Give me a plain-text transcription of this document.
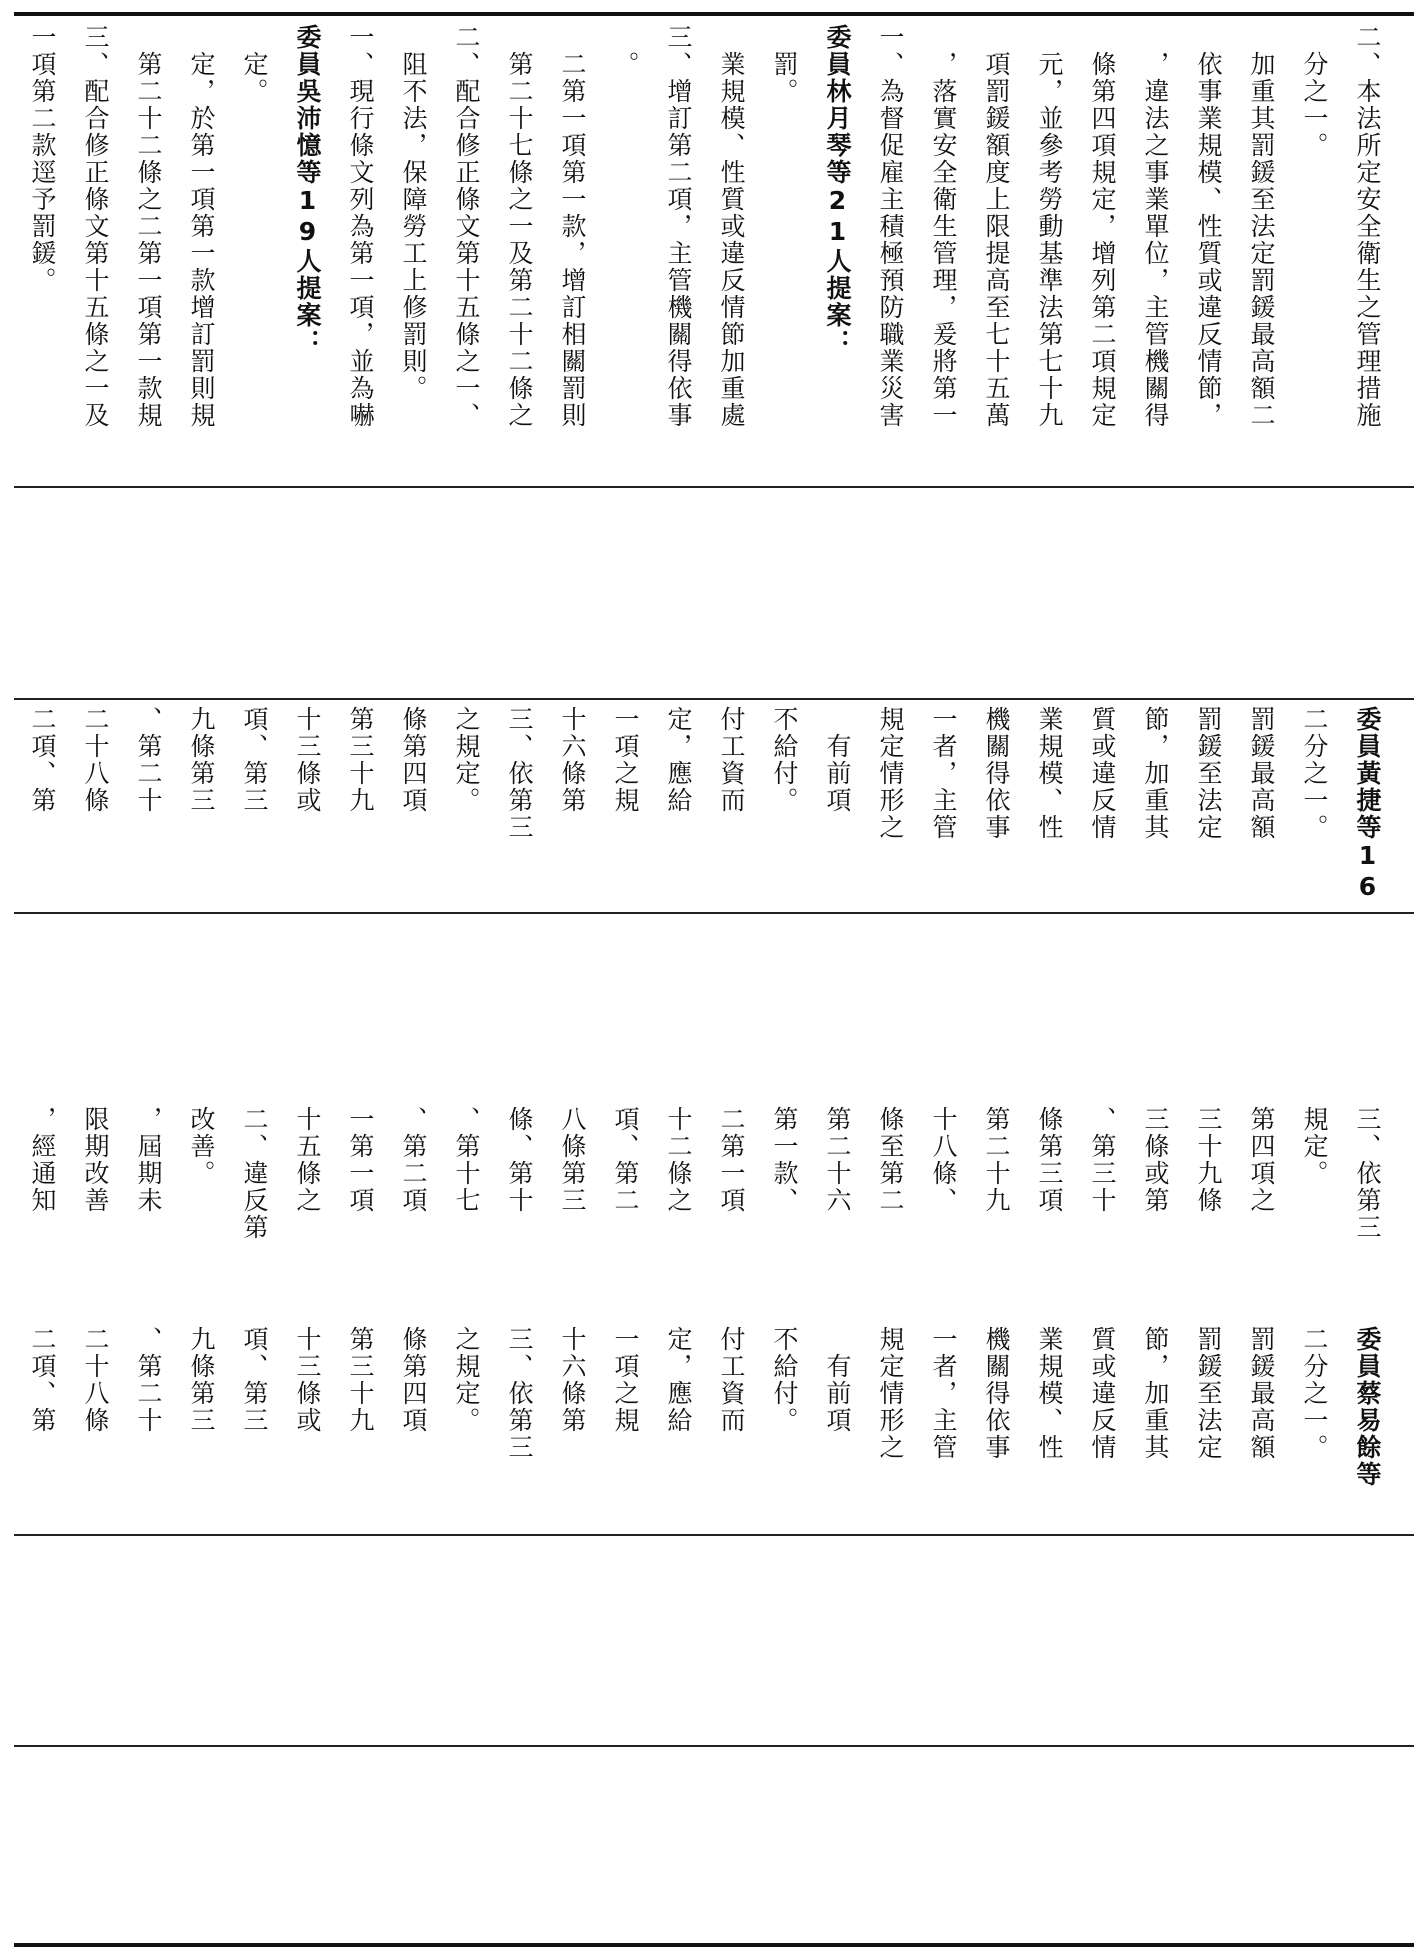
一項第二款逕予罰鍰。 三、配合修正條文第十五條之一及 　第二十二條之二第一項第一款規 　定，於第一項第一款增訂罰則規 　定。 委員吳沛憶等19人提案： 一、現行條文列為第一項，並為嚇 　阻不法，保障勞工上修罰則。 二、配合修正條文第十五條之一、 　第二十七條之一及第二十二條之 　二第一項第一款，增訂相關罰則 　。 三、增訂第二項，主管機關得依事 　業規模、性質或違反情節加重處 　罰。 委員林月琴等21人提案： 一、為督促雇主積極預防職業災害 　，落實安全衛生管理，爰將第一 　項罰鍰額度上限提高至七十五萬 　元，並參考勞動基準法第七十九 　條第四項規定，增列第二項規定 　，違法之事業單位，主管機關得 　依事業規模、性質或違反情節， 　加重其罰鍰至法定罰鍰最高額二 　分之一。 二、本法所定安全衛生之管理措施
二項、第 二十八條 、第二十 九條第三 項、第三 十三條或 第三十九 條第四項 之規定。 三、依第三 十六條第 一項之規 定，應給 付工資而 不給付。 　有前項 規定情形之 一者，主管 機關得依事 業規模、性 質或違反情 節，加重其 罰鍰至法定 罰鍰最高額 二分之一。 委員黃捷等16
，經通知 限期改善 ，屆期未 改善。 二、違反第 十五條之 一第一項 、第二項 、第十七 條、第十 八條第三 項、第二 十二條之 二第一項 第一款、 第二十六 條至第二 十八條、 第二十九 條第三項 、第三十 三條或第 三十九條 第四項之 規定。 三、依第三
二項、第 二十八條 、第二十 九條第三 項、第三 十三條或 第三十九 條第四項 之規定。 三、依第三 十六條第 一項之規 定，應給 付工資而 不給付。 　有前項 規定情形之 一者，主管 機關得依事 業規模、性 質或違反情 節，加重其 罰鍰至法定 罰鍰最高額 二分之一。 委員蔡易餘等
